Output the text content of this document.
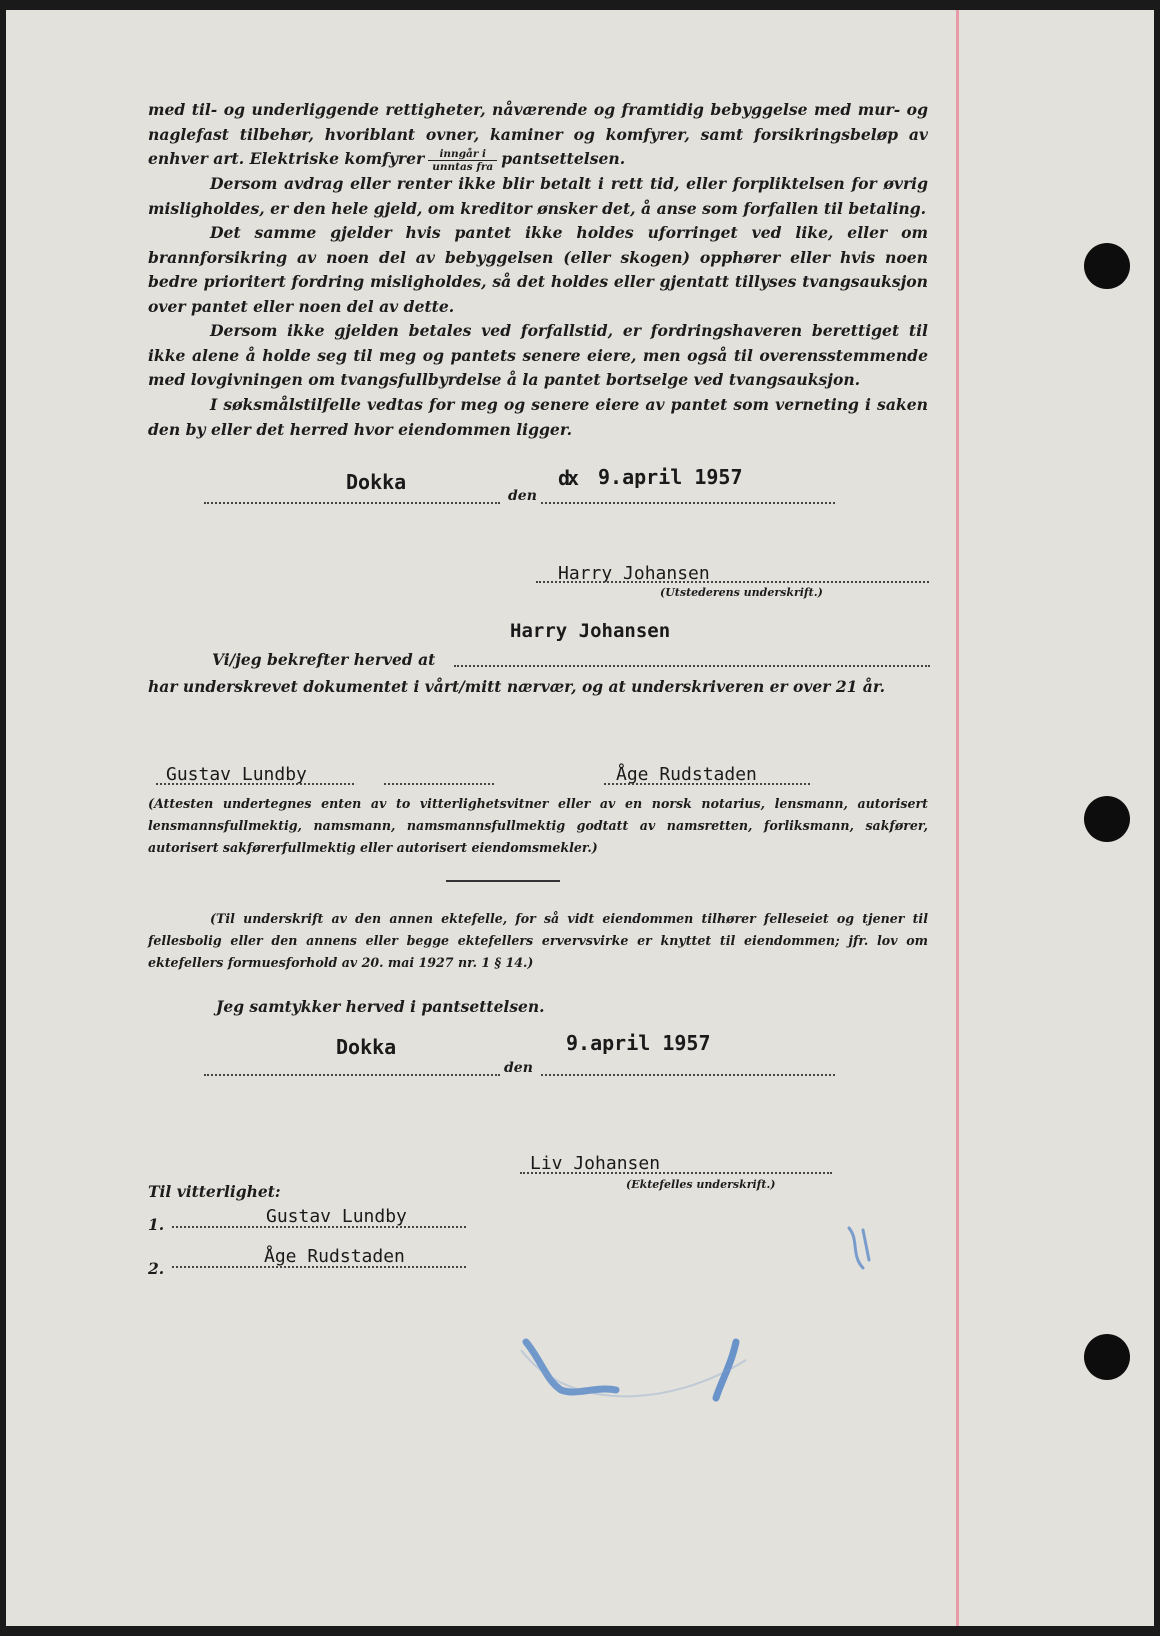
med til- og underliggende rettigheter, nåværende og framtidig bebyggelse med mur- og naglefast tilbehør, hvoriblant ovner, kaminer og komfyrer, samt forsikringsbeløp av enhver art. Elektriske komfyrer $\frac{\text{inngår i}}{\text{unntas fra}}$ pantsettelsen.
Dersom avdrag eller renter ikke blir betalt i rett tid, eller forpliktelsen for øvrig misligholdes, er den hele gjeld, om kreditor ønsker det, å anse som forfallen til betaling.
Det samme gjelder hvis pantet ikke holdes uforringet ved like, eller om brannforsikring av noen del av bebyggelsen (eller skogen) opphører eller hvis noen bedre prioritert fordring misligholdes, så det holdes eller gjentatt tillyses tvangsauksjon over pantet eller noen del av dette.
Dersom ikke gjelden betales ved forfallstid, er fordringshaveren berettiget til ikke alene å holde seg til meg og pantets senere eiere, men også til overensstemmende med lovgivningen om tvangsfullbyrdelse å la pantet bortselge ved tvangsauksjon.
I søksmålstilfelle vedtas for meg og senere eiere av pantet som verneting i saken den by eller det herred hvor eiendommen ligger.
Dokka
den
dx 9.april 1957
Harry Johansen
(Utstederens underskrift.)
Harry Johansen
Vi/jeg bekrefter herved at
har underskrevet dokumentet i vårt/mitt nærvær, og at underskriveren er over 21 år.
Gustav Lundby	Åge Rudstaden
(Attesten undertegnes enten av to vitterlighetsvitner eller av en norsk notarius, lensmann, autorisert lensmannsfullmektig, namsmann, namsmannsfullmektig godtatt av namsretten, forliksmann, sakfører, autorisert sakførerfullmektig eller autorisert eiendomsmekler.)
(Til underskrift av den annen ektefelle, for så vidt eiendommen tilhører felleseiet og tjener til fellesbolig eller den annens eller begge ektefellers ervervsvirke er knyttet til eiendommen; jfr. lov om ektefellers formuesforhold av 20. mai 1927 nr. 1 § 14.)
Jeg samtykker herved i pantsettelsen.
Dokka
den
9.april 1957
Liv Johansen
(Ektefelles underskrift.)
Til vitterlighet:
1.	Gustav Lundby
2.
Åge Rudstaden
